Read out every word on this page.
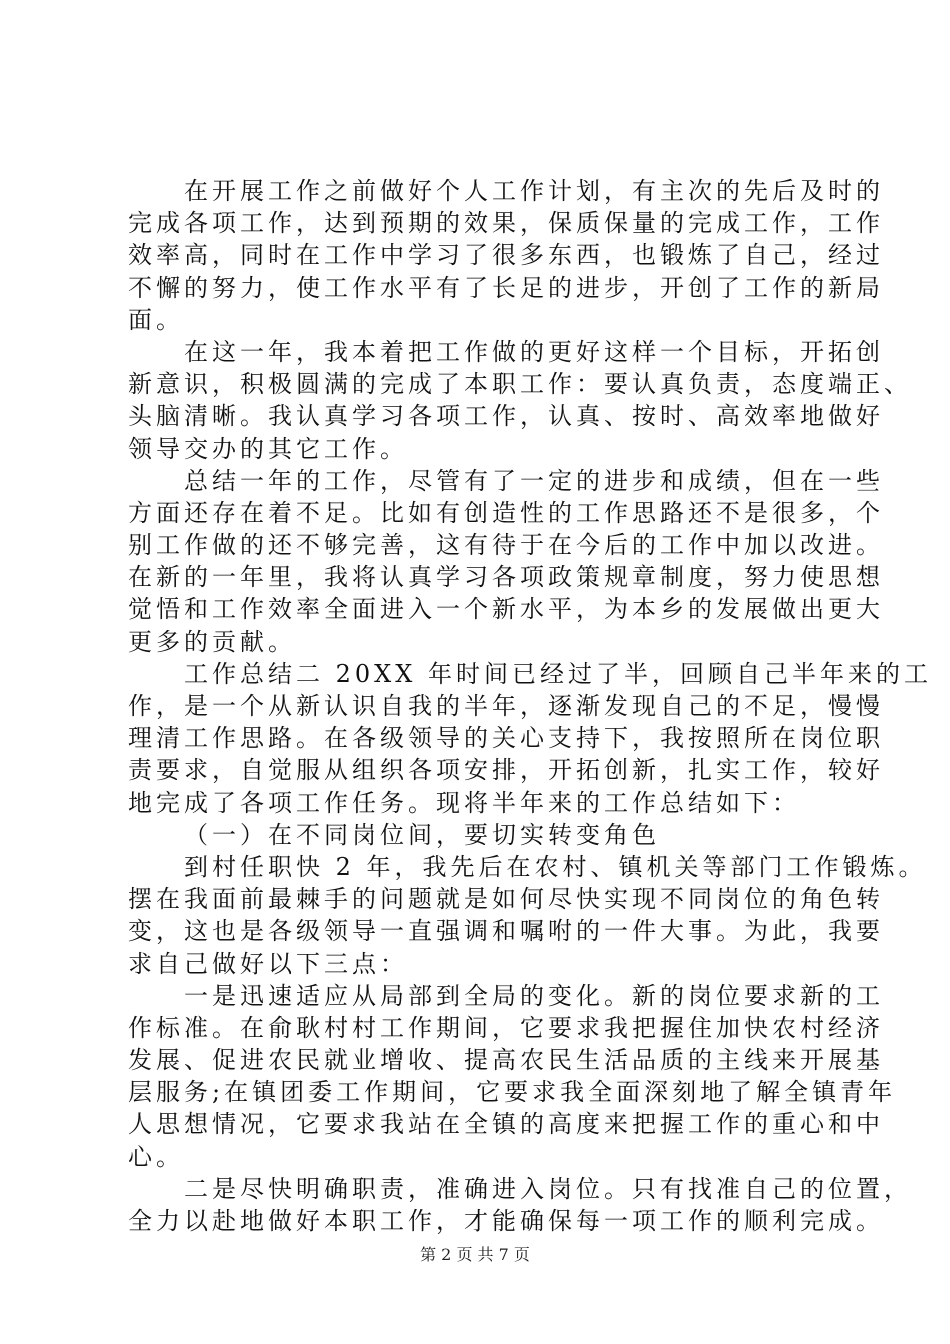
在开展工作之前做好个人工作计划，有主次的先后及时的
完成各项工作，达到预期的效果，保质保量的完成工作，工作
效率高，同时在工作中学习了很多东西，也锻炼了自己，经过
不懈的努力，使工作水平有了长足的进步，开创了工作的新局
面。
在这一年，我本着把工作做的更好这样一个目标，开拓创
新意识，积极圆满的完成了本职工作：要认真负责，态度端正、
头脑清晰。我认真学习各项工作，认真、按时、高效率地做好
领导交办的其它工作。
总结一年的工作，尽管有了一定的进步和成绩，但在一些
方面还存在着不足。比如有创造性的工作思路还不是很多，个
别工作做的还不够完善，这有待于在今后的工作中加以改进。
在新的一年里，我将认真学习各项政策规章制度，努力使思想
觉悟和工作效率全面进入一个新水平，为本乡的发展做出更大
更多的贡献。
工作总结二 20XX 年时间已经过了半，回顾自己半年来的工
作，是一个从新认识自我的半年，逐渐发现自己的不足，慢慢
理清工作思路。在各级领导的关心支持下，我按照所在岗位职
责要求，自觉服从组织各项安排，开拓创新，扎实工作，较好
地完成了各项工作任务。现将半年来的工作总结如下：
（一）在不同岗位间，要切实转变角色
到村任职快 2 年，我先后在农村、镇机关等部门工作锻炼。
摆在我面前最棘手的问题就是如何尽快实现不同岗位的角色转
变，这也是各级领导一直强调和嘱咐的一件大事。为此，我要
求自己做好以下三点：
一是迅速适应从局部到全局的变化。新的岗位要求新的工
作标准。在俞耿村村工作期间，它要求我把握住加快农村经济
发展、促进农民就业增收、提高农民生活品质的主线来开展基
层服务;在镇团委工作期间，它要求我全面深刻地了解全镇青年
人思想情况，它要求我站在全镇的高度来把握工作的重心和中
心。
二是尽快明确职责，准确进入岗位。只有找准自己的位置，
全力以赴地做好本职工作，才能确保每一项工作的顺利完成。
第 2 页 共 7 页
